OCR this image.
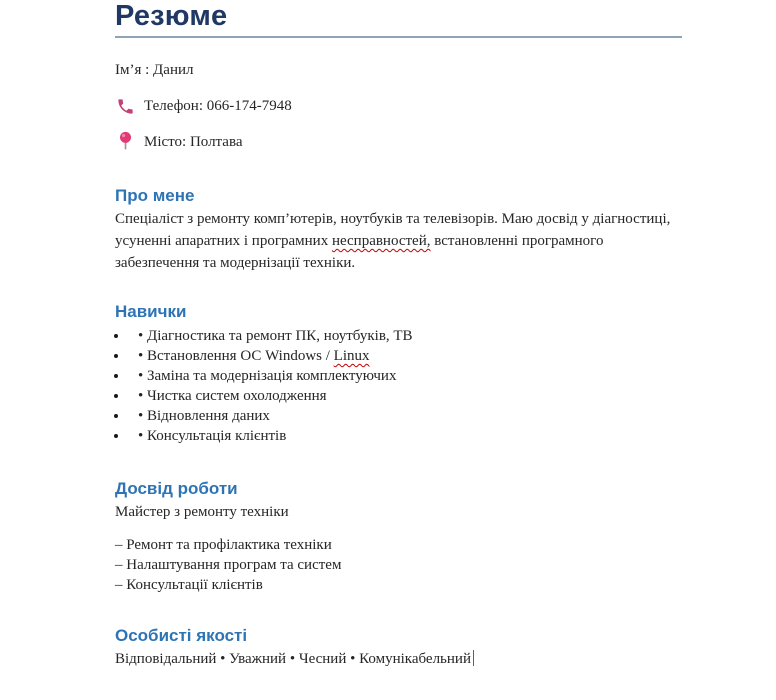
Резюме
Ім’я : Данил
Телефон: 066-174-7948
Місто: Полтава
Про мене

Спеціаліст з ремонту комп’ютерів, ноутбуків та телевізорів. Маю досвід у діагностиці, усуненні апаратних і програмних несправностей, встановленні програмного забезпечення та модернізації техніки.

Навички
• • Діагностика та ремонт ПК, ноутбуків, ТВ
• • Встановлення ОС Windows / Linux
• • Заміна та модернізація комплектуючих
• • Чистка систем охолодження
• • Відновлення даних
• • Консультація клієнтів
Досвід роботи
Майстер з ремонту техніки
– Ремонт та профілактика техніки
– Налаштування програм та систем
– Консультації клієнтів
Особисті якості
Відповідальний • Уважний • Чесний • Комунікабельний
